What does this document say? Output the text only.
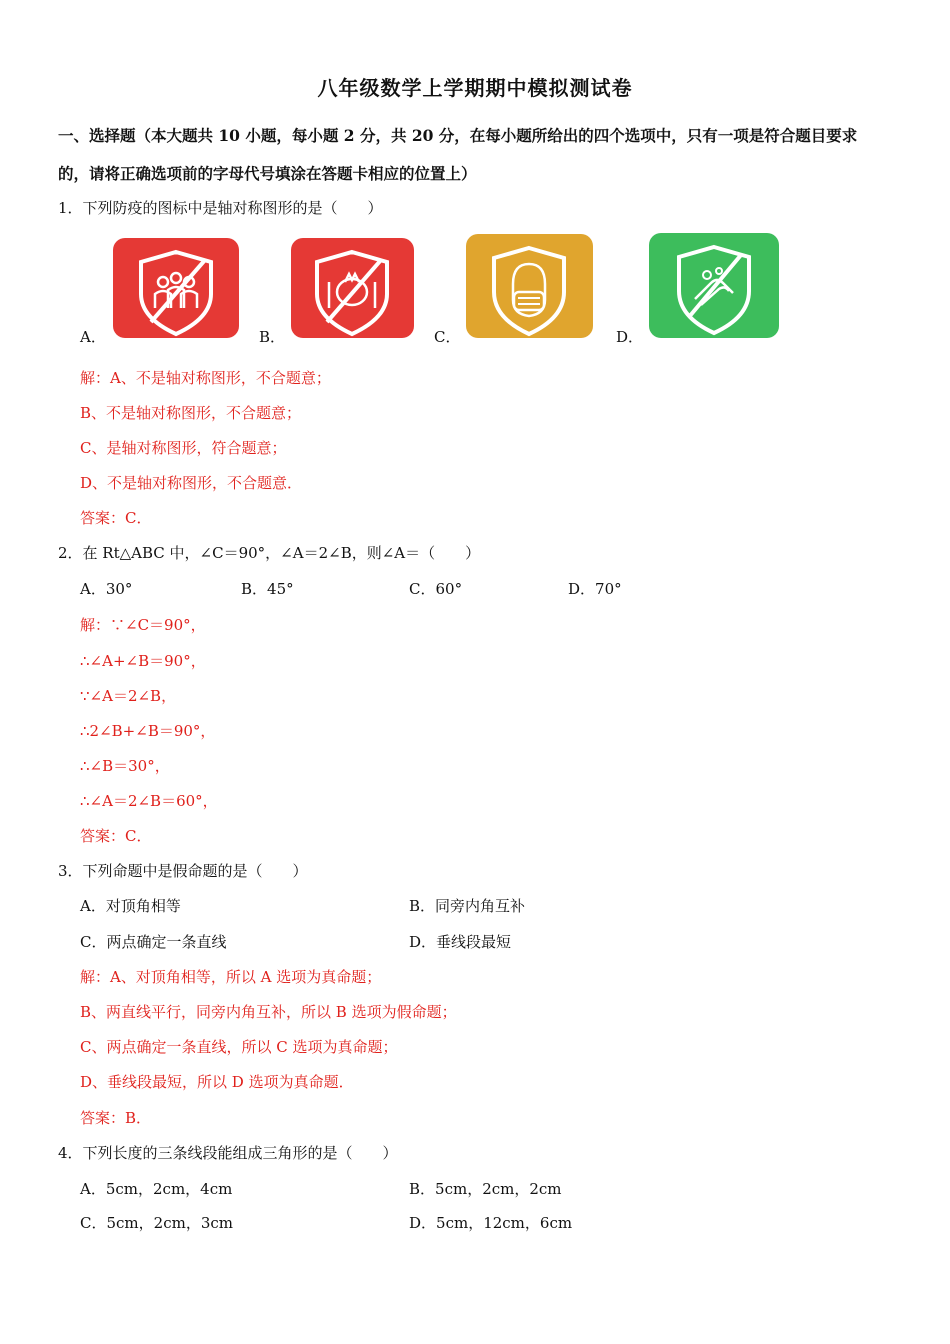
八年级数学上学期期中模拟测试卷
一、选择题（本大题共 10 小题，每小题 2 分，共 20 分，在每小题所给出的四个选项中，只有一项是符合题目要求
的，请将正确选项前的字母代号填涂在答题卡相应的位置上）
1．下列防疫的图标中是轴对称图形的是（　　）
A．	B．	C．	D．
解：A、不是轴对称图形，不合题意；
B、不是轴对称图形，不合题意；
C、是轴对称图形，符合题意；
D、不是轴对称图形，不合题意．
答案：C．
2．在 Rt△ABC 中，∠C＝90°，∠A＝2∠B，则∠A＝（　　）
A．30°	B．45°	C．60°	D．70°
解：∵∠C＝90°，
∴∠A+∠B＝90°，
∵∠A＝2∠B，
∴2∠B+∠B＝90°，
∴∠B＝30°，
∴∠A＝2∠B＝60°，
答案：C．
3．下列命题中是假命题的是（　　）
A．对顶角相等	B．同旁内角互补
C．两点确定一条直线	D．垂线段最短
解：A、对顶角相等，所以 A 选项为真命题；
B、两直线平行，同旁内角互补，所以 B 选项为假命题；
C、两点确定一条直线，所以 C 选项为真命题；
D、垂线段最短，所以 D 选项为真命题．
答案：B．
4．下列长度的三条线段能组成三角形的是（　　）
A．5cm，2cm，4cm	B．5cm，2cm，2cm
C．5cm，2cm，3cm	D．5cm，12cm，6cm
